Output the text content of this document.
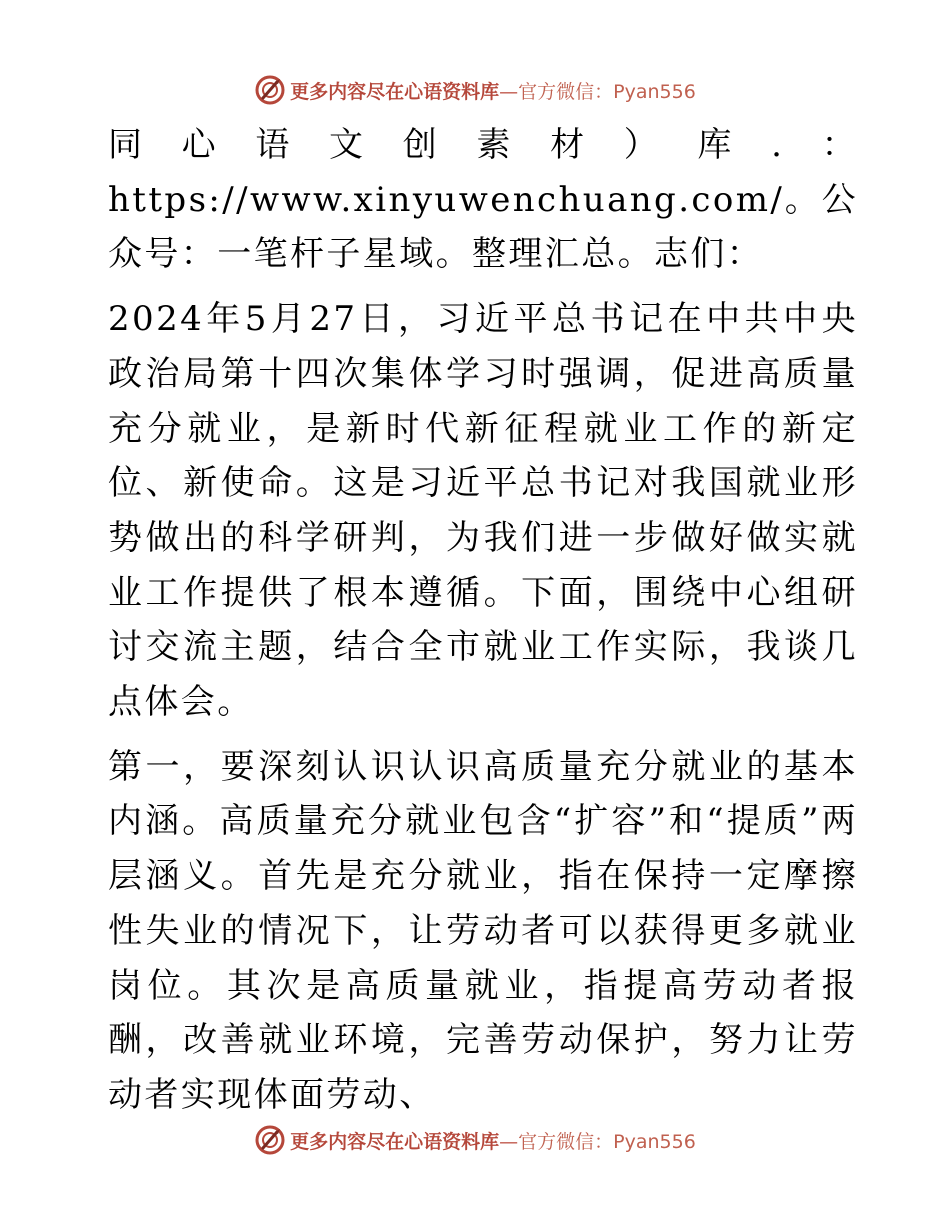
更多内容尽在心语资料库—官方微信：Pyan556

同心语文创素材）库.：https://www.xinyuwenchuang.com/。公众号：一笔杆子星域。整理汇总。志们：

2024年5月27日，习近平总书记在中共中央政治局第十四次集体学习时强调，促进高质量充分就业，是新时代新征程就业工作的新定位、新使命。这是习近平总书记对我国就业形势做出的科学研判，为我们进一步做好做实就业工作提供了根本遵循。下面，围绕中心组研讨交流主题，结合全市就业工作实际，我谈几点体会。

第一，要深刻认识认识高质量充分就业的基本内涵。高质量充分就业包含“扩容”和“提质”两层涵义。首先是充分就业，指在保持一定摩擦性失业的情况下，让劳动者可以获得更多就业岗位。其次是高质量就业，指提高劳动者报酬，改善就业环境，完善劳动保护，努力让劳动者实现体面劳动、

更多内容尽在心语资料库—官方微信：Pyan556
